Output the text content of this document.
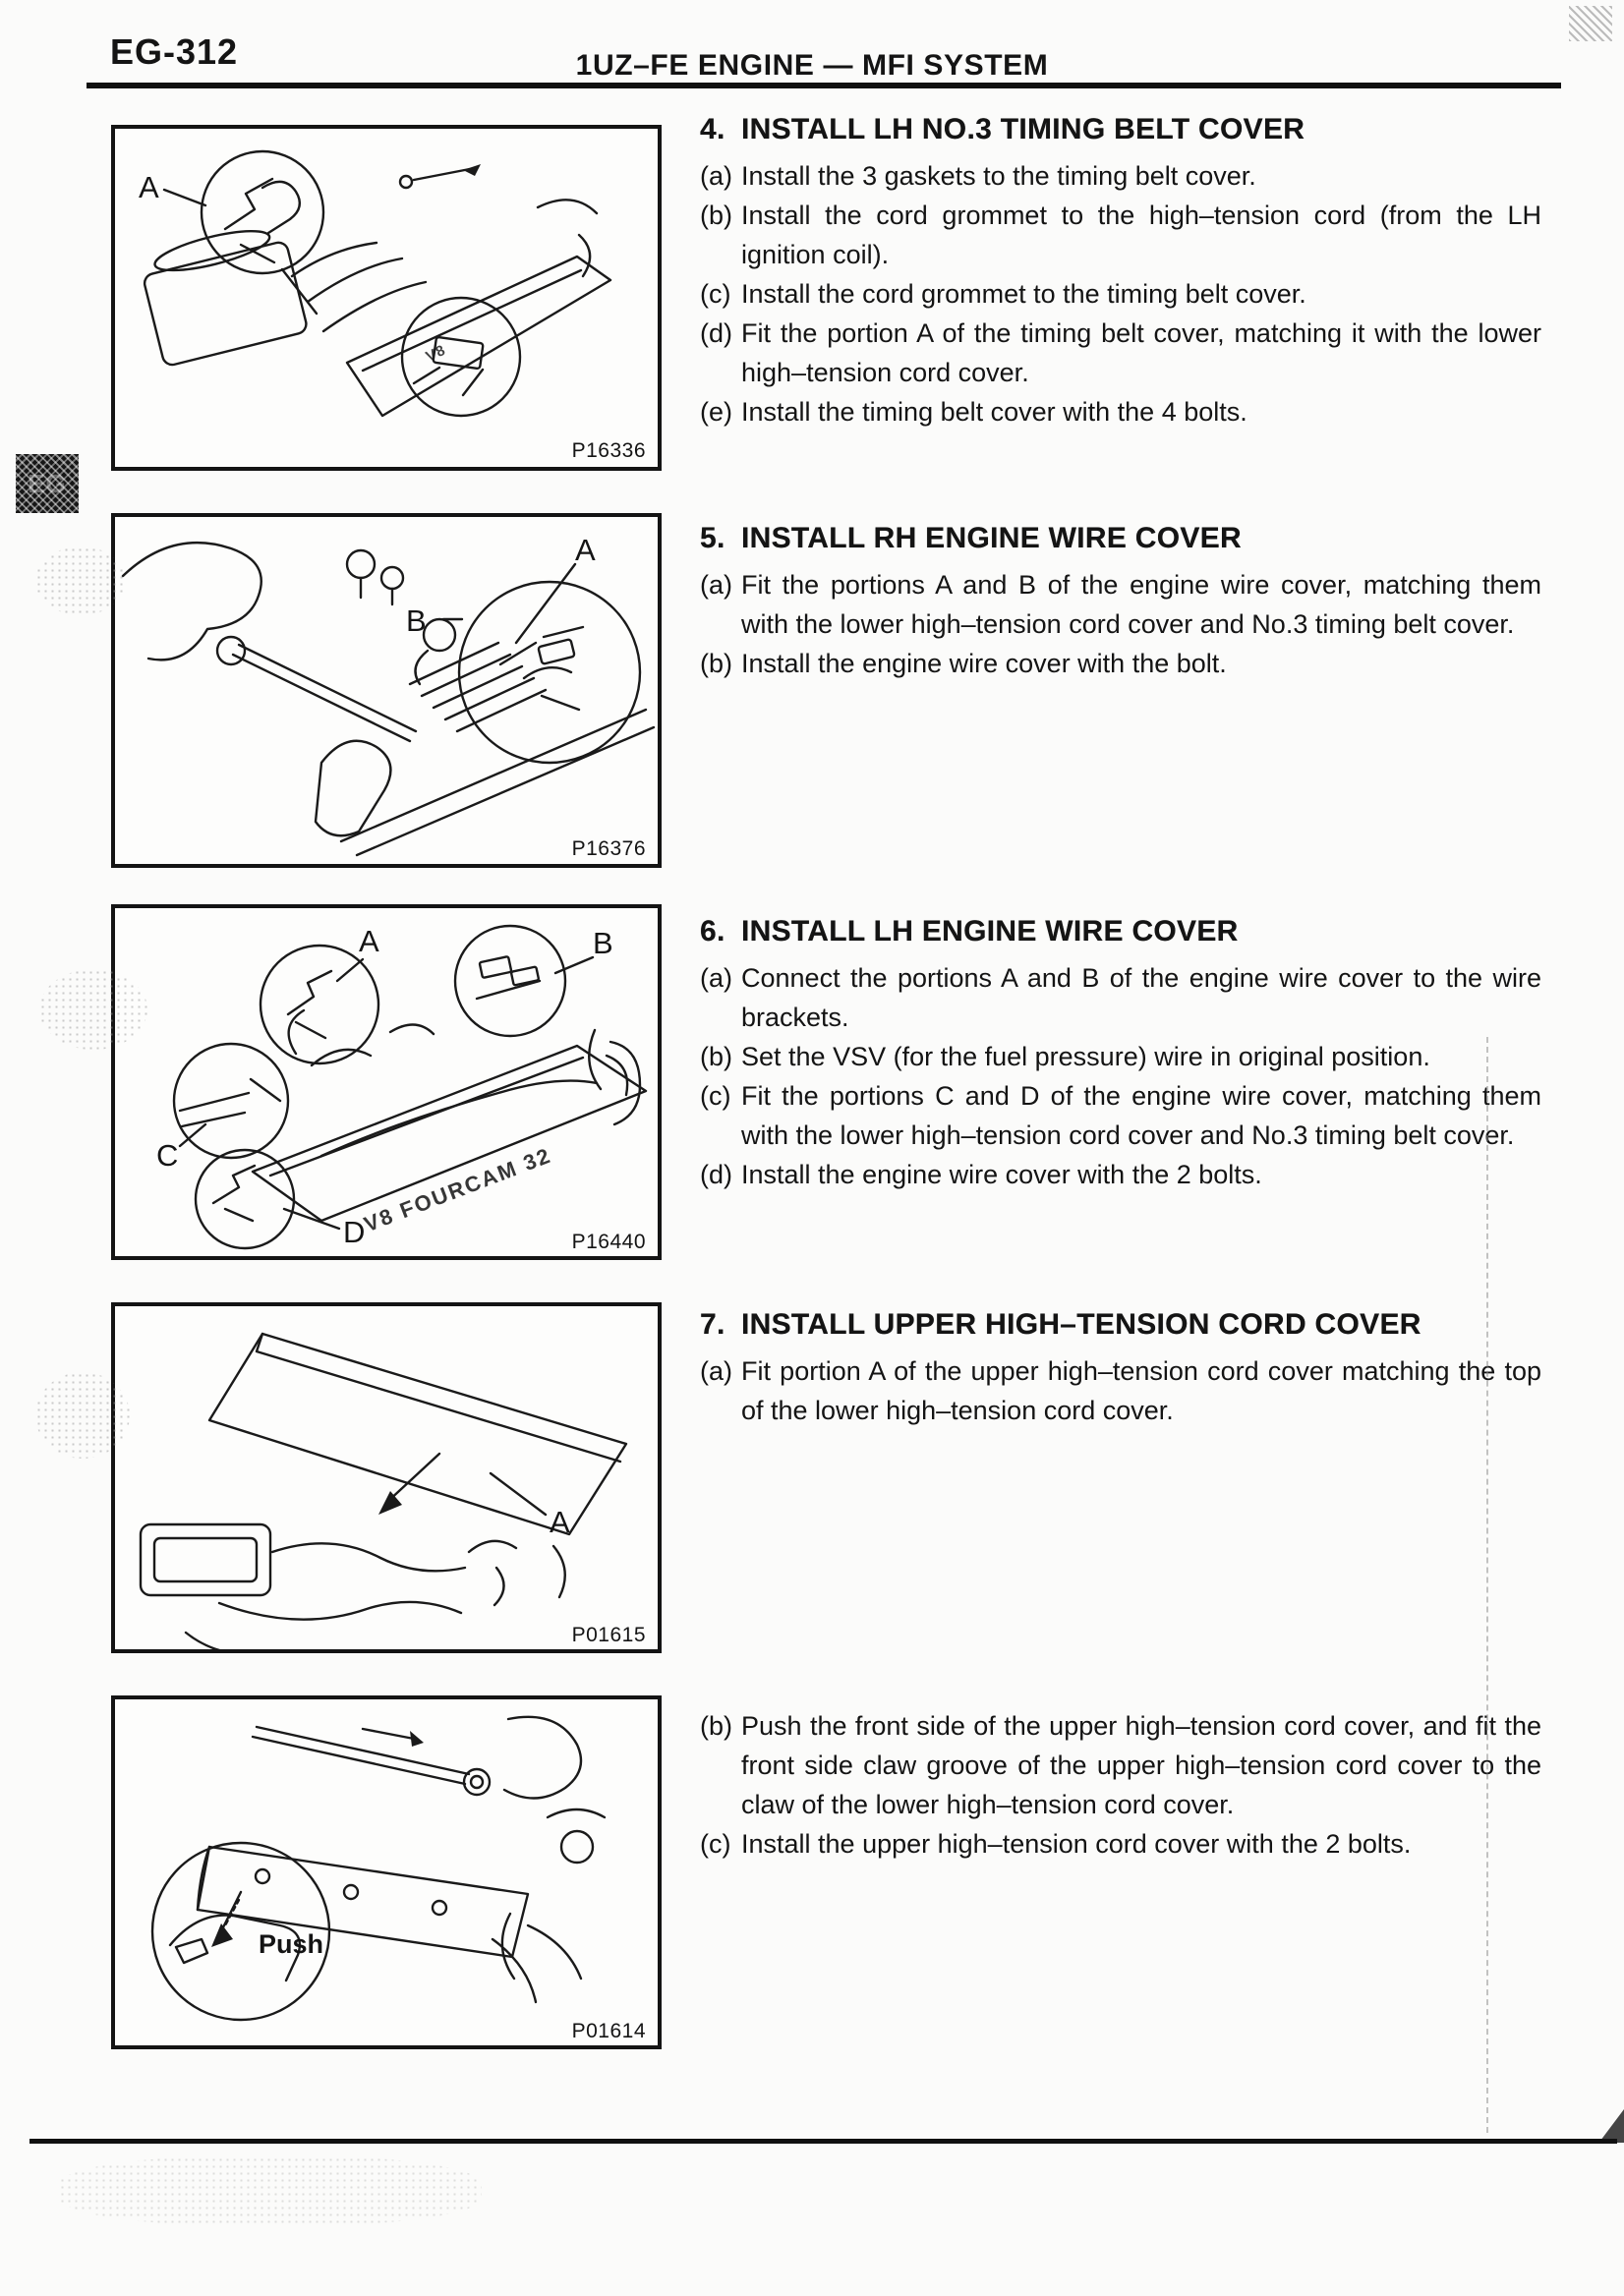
EG-312	1UZ–FE ENGINE — MFI SYSTEM
EG
A
V8
P16336
A
B
P16376
V8 FOURCAM 32
A	B
C
D	P16440
A
P01615
Push
P01614
4. INSTALL LH NO.3 TIMING BELT COVER
(a) Install the 3 gaskets to the timing belt cover.
(b) Install the cord grommet to the high–tension cord (from the LH ignition coil).
(c) Install the cord grommet to the timing belt cover.
(d) Fit the portion A of the timing belt cover, matching it with the lower high–tension cord cover.
(e) Install the timing belt cover with the 4 bolts.
5. INSTALL RH ENGINE WIRE COVER
(a) Fit the portions A and B of the engine wire cover, matching them with the lower high–tension cord cover and No.3 timing belt cover.
(b) Install the engine wire cover with the bolt.
6. INSTALL LH ENGINE WIRE COVER
(a) Connect the portions A and B of the engine wire cover to the wire brackets.
(b) Set the VSV (for the fuel pressure) wire in original position.
(c) Fit the portions C and D of the engine wire cover, matching them with the lower high–tension cord cover and No.3 timing belt cover.
(d) Install the engine wire cover with the 2 bolts.
7. INSTALL UPPER HIGH–TENSION CORD COVER
(a) Fit portion A of the upper high–tension cord cover matching the top of the lower high–tension cord cover.
(b) Push the front side of the upper high–tension cord cover, and fit the front side claw groove of the upper high–tension cord cover to the claw of the lower high–tension cord cover.
(c) Install the upper high–tension cord cover with the 2 bolts.
